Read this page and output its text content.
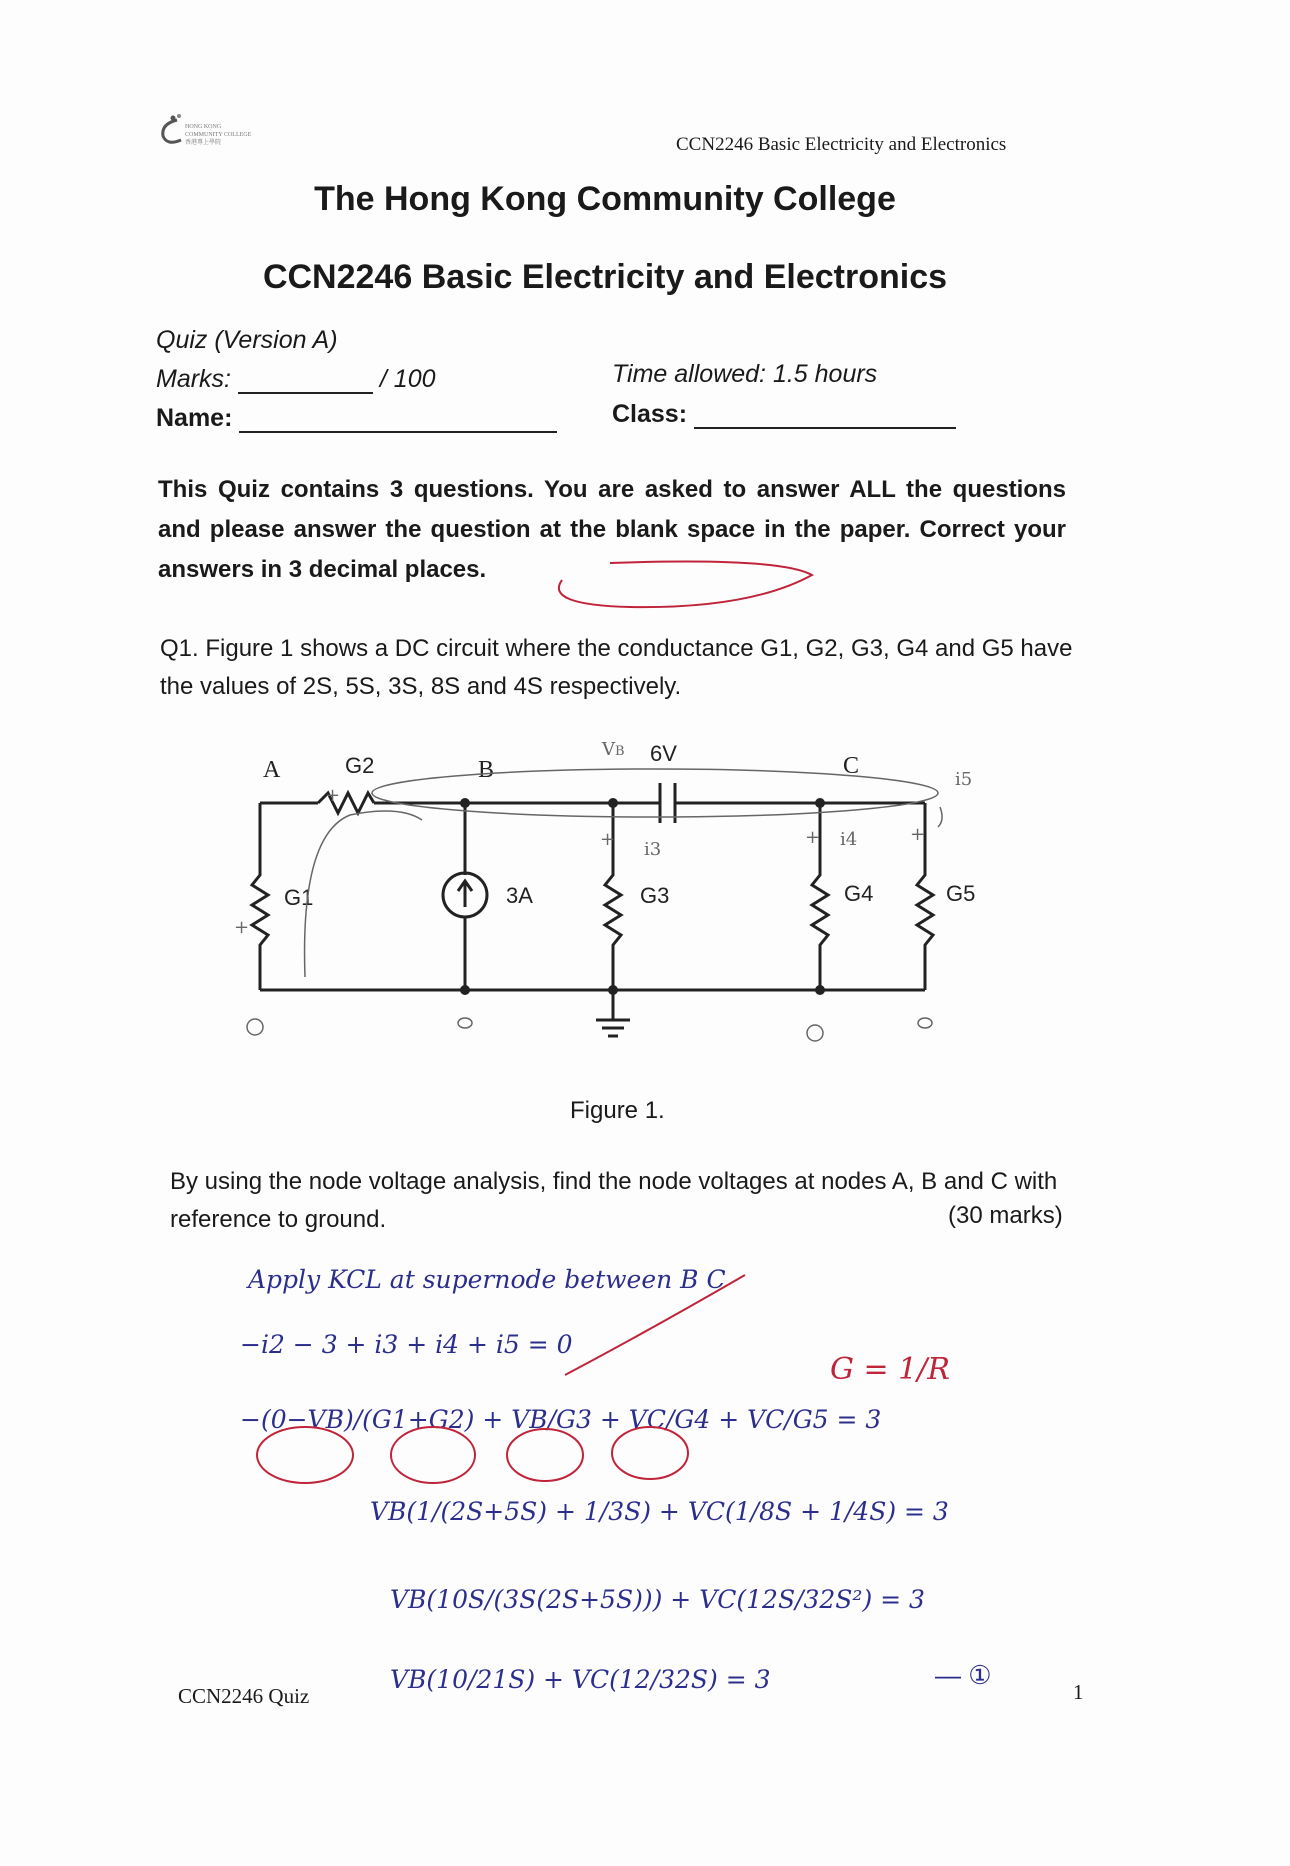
HONG KONG
COMMUNITY COLLEGE
香港專上學院	CCN2246 Basic Electricity and Electronics
The Hong Kong Community College
CCN2246 Basic Electricity and Electronics
Quiz (Version A)
Marks:	/ 100	Time allowed: 1.5 hours
Name:	Class:
This Quiz contains 3 questions. You are asked to answer ALL the questions and please answer the question at the blank space in the paper. Correct your answers in 3 decimal places.
Q1. Figure 1 shows a DC circuit where the conductance G1, G2, G3, G4 and G5 have the values of 2S, 5S, 3S, 8S and 4S respectively.
A	B	C
G2	6V
G1	3A	G3	G4	G5
VB
i5
i4
i3
+
+	+	+
+
Figure 1.
By using the node voltage analysis, find the node voltages at nodes A, B and C with reference to ground.	(30 marks)
Apply KCL at supernode between B C
−i2 − 3 + i3 + i4 + i5 = 0
G = 1/R
−(0−VB)/(G1+G2) + VB/G3 + VC/G4 + VC/G5 = 3
VB(1/(2S+5S) + 1/3S) + VC(1/8S + 1/4S) = 3
VB(10S/(3S(2S+5S))) + VC(12S/32S²) = 3
VB(10/21S) + VC(12/32S) = 3	— ①
CCN2246 Quiz	1
